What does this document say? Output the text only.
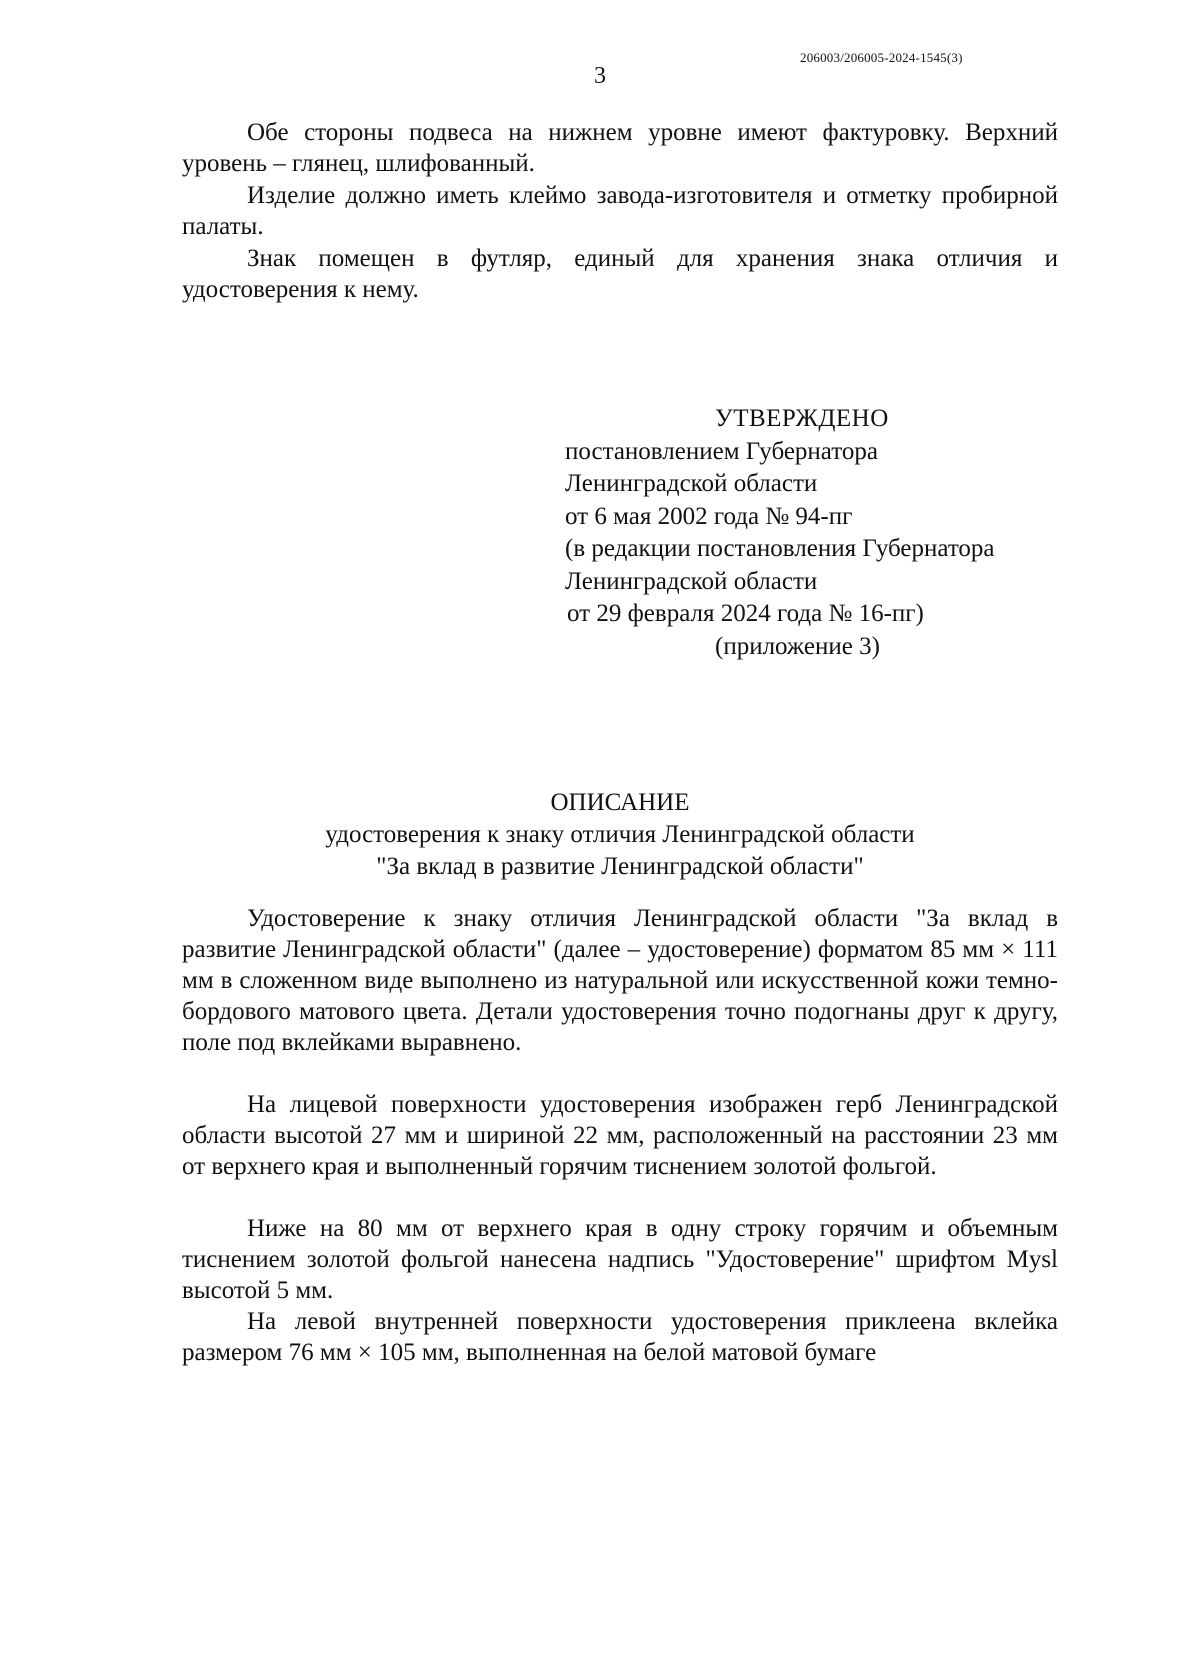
206003/206005-2024-1545(3)
3

Обе стороны подвеса на нижнем уровне имеют фактуровку. Верхний уровень – глянец, шлифованный.

Изделие должно иметь клеймо завода-изготовителя и отметку пробирной палаты.

Знак помещен в футляр, единый для хранения знака отличия и удостоверения к нему.

УТВЕРЖДЕНО
постановлением Губернатора
Ленинградской области
от 6 мая 2002 года № 94-пг
(в редакции постановления Губернатора
Ленинградской области
от 29 февраля 2024 года № 16-пг)
(приложение 3)
ОПИСАНИЕ
удостоверения к знаку отличия Ленинградской области
"За вклад в развитие Ленинградской области"

Удостоверение к знаку отличия Ленинградской области "За вклад в развитие Ленинградской области" (далее – удостоверение) форматом 85 мм × 111 мм в сложенном виде выполнено из натуральной или искусственной кожи темно-бордового матового цвета. Детали удостоверения точно подогнаны друг к другу, поле под вклейками выравнено.

На лицевой поверхности удостоверения изображен герб Ленинградской области высотой 27 мм и шириной 22 мм, расположенный на расстоянии 23 мм от верхнего края и выполненный горячим тиснением золотой фольгой.

Ниже на 80 мм от верхнего края в одну строку горячим и объемным тиснением золотой фольгой нанесена надпись "Удостоверение" шрифтом Mysl высотой 5 мм.

На левой внутренней поверхности удостоверения приклеена вклейка размером 76 мм × 105 мм, выполненная на белой матовой бумаге
